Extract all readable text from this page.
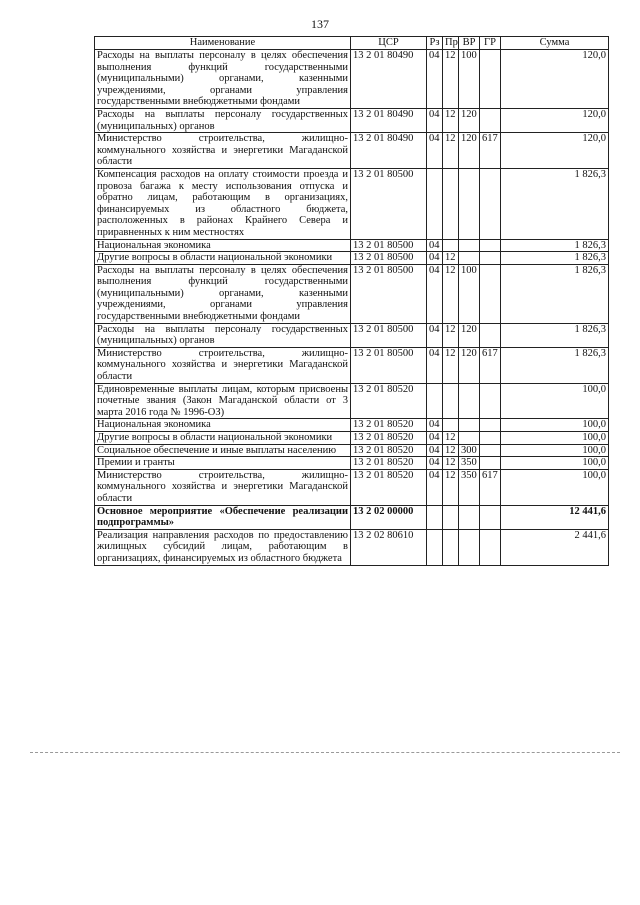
137
Наименование	ЦСР	Рз	Пр	ВР	ГР	Сумма
Расходы на выплаты персоналу в целях обеспечения выполнения функций государственными (муниципальными) органами, казенными учреждениями, органами управления государственными внебюджетными фондами	13 2 01 80490	04	12	100		120,0
Расходы на выплаты персоналу государственных (муниципальных) органов	13 2 01 80490	04	12	120		120,0
Министерство строительства, жилищно-коммунального хозяйства и энергетики Магаданской области	13 2 01 80490	04	12	120	617	120,0
Компенсация расходов на оплату стоимости проезда и провоза багажа к месту использования отпуска и обратно лицам, работающим в организациях, финансируемых из областного бюджета, расположенных в районах Крайнего Севера и приравненных к ним местностях	13 2 01 80500					1 826,3
Национальная экономика	13 2 01 80500	04				1 826,3
Другие вопросы в области национальной экономики	13 2 01 80500	04	12			1 826,3
Расходы на выплаты персоналу в целях обеспечения выполнения функций государственными (муниципальными) органами, казенными учреждениями, органами управления государственными внебюджетными фондами	13 2 01 80500	04	12	100		1 826,3
Расходы на выплаты персоналу государственных (муниципальных) органов	13 2 01 80500	04	12	120		1 826,3
Министерство строительства, жилищно-коммунального хозяйства и энергетики Магаданской области	13 2 01 80500	04	12	120	617	1 826,3
Единовременные выплаты лицам, которым присвоены почетные звания (Закон Магаданской области от 3 марта 2016 года № 1996-ОЗ)	13 2 01 80520					100,0
Национальная экономика	13 2 01 80520	04				100,0
Другие вопросы в области национальной экономики	13 2 01 80520	04	12			100,0
Социальное обеспечение и иные выплаты населению	13 2 01 80520	04	12	300		100,0
Премии и гранты	13 2 01 80520	04	12	350		100,0
Министерство строительства, жилищно-коммунального хозяйства и энергетики Магаданской области	13 2 01 80520	04	12	350	617	100,0
Основное мероприятие «Обеспечение реализации подпрограммы»	13 2 02 00000					12 441,6
Реализация направления расходов по предоставлению жилищных субсидий лицам, работающим в организациях, финансируемых из областного бюджета	13 2 02 80610					2 441,6
